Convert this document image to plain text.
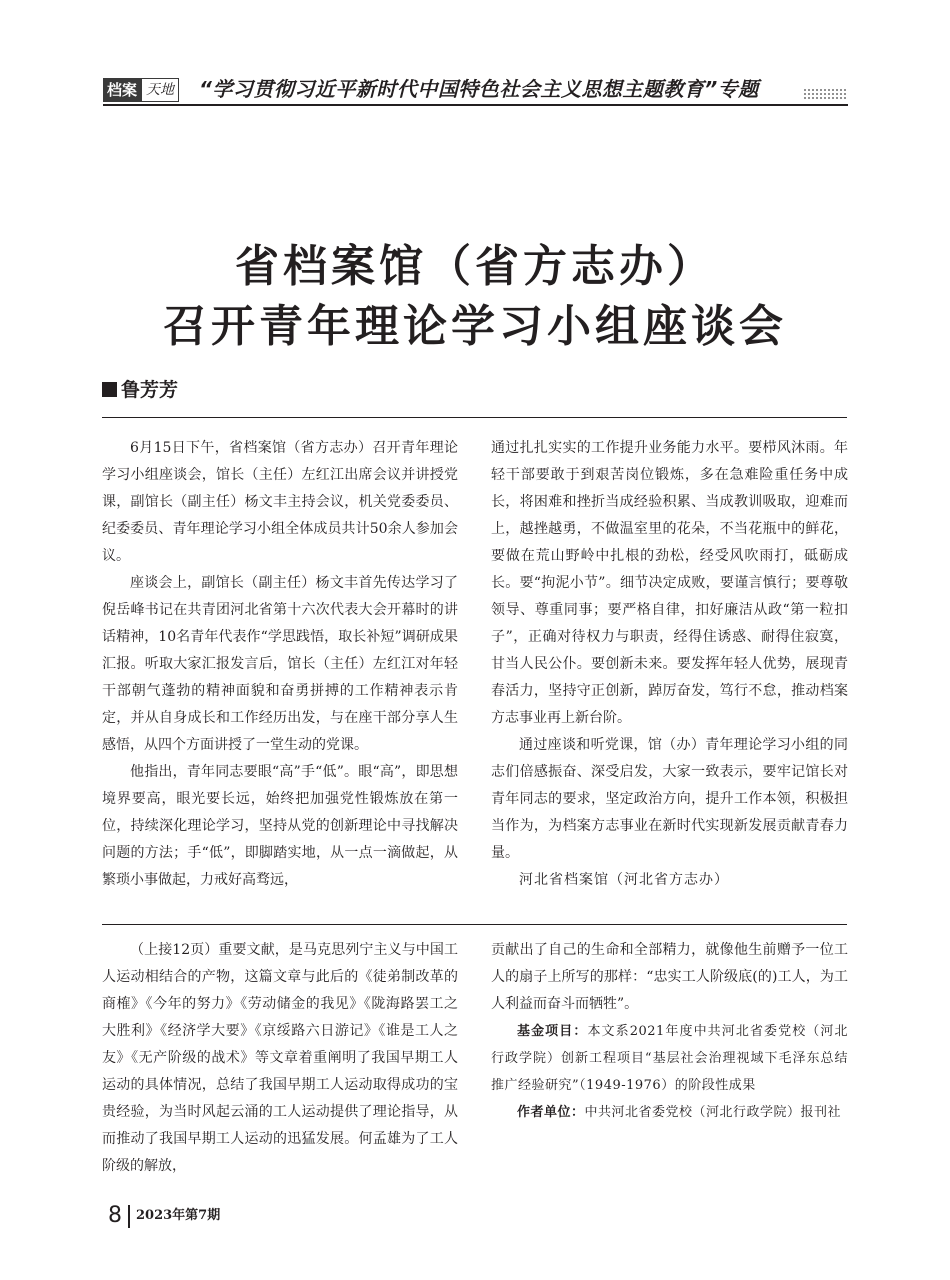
档案 天地 “学习贯彻习近平新时代中国特色社会主义思想主题教育”专题
省档案馆（省方志办）
召开青年理论学习小组座谈会
鲁芳芳

6月15日下午，省档案馆（省方志办）召开青年理论学习小组座谈会，馆长（主任）左红江出席会议并讲授党课，副馆长（副主任）杨文丰主持会议，机关党委委员、纪委委员、青年理论学习小组全体成员共计50余人参加会议。

座谈会上，副馆长（副主任）杨文丰首先传达学习了倪岳峰书记在共青团河北省第十六次代表大会开幕时的讲话精神，10名青年代表作“学思践悟，取长补短”调研成果汇报。听取大家汇报发言后，馆长（主任）左红江对年轻干部朝气蓬勃的精神面貌和奋勇拼搏的工作精神表示肯定，并从自身成长和工作经历出发，与在座干部分享人生感悟，从四个方面讲授了一堂生动的党课。

他指出，青年同志要眼“高”手“低”。眼“高”，即思想境界要高，眼光要长远，始终把加强党性锻炼放在第一位，持续深化理论学习，坚持从党的创新理论中寻找解决问题的方法；手“低”，即脚踏实地，从一点一滴做起，从繁琐小事做起，力戒好高骛远，

通过扎扎实实的工作提升业务能力水平。要栉风沐雨。年轻干部要敢于到艰苦岗位锻炼，多在急难险重任务中成长，将困难和挫折当成经验积累、当成教训吸取，迎难而上，越挫越勇，不做温室里的花朵，不当花瓶中的鲜花，要做在荒山野岭中扎根的劲松，经受风吹雨打，砥砺成长。要“拘泥小节”。细节决定成败，要谨言慎行；要尊敬领导、尊重同事；要严格自律，扣好廉洁从政“第一粒扣子”，正确对待权力与职责，经得住诱惑、耐得住寂寞，甘当人民公仆。要创新未来。要发挥年轻人优势，展现青春活力，坚持守正创新，踔厉奋发，笃行不怠，推动档案方志事业再上新台阶。

通过座谈和听党课，馆（办）青年理论学习小组的同志们倍感振奋、深受启发，大家一致表示，要牢记馆长对青年同志的要求，坚定政治方向，提升工作本领，积极担当作为，为档案方志事业在新时代实现新发展贡献青春力量。

河北省档案馆（河北省方志办）

（上接12页）重要文献，是马克思列宁主义与中国工人运动相结合的产物，这篇文章与此后的《徒弟制改革的商榷》《今年的努力》《劳动储金的我见》《陇海路罢工之大胜利》《经济学大要》《京绥路六日游记》《谁是工人之友》《无产阶级的战术》等文章着重阐明了我国早期工人运动的具体情况，总结了我国早期工人运动取得成功的宝贵经验，为当时风起云涌的工人运动提供了理论指导，从而推动了我国早期工人运动的迅猛发展。何孟雄为了工人阶级的解放，

贡献出了自己的生命和全部精力，就像他生前赠予一位工人的扇子上所写的那样：“忠实工人阶级底(的)工人，为工人利益而奋斗而牺牲”。

基金项目：本文系2021年度中共河北省委党校（河北行政学院）创新工程项目“基层社会治理视域下毛泽东总结推广经验研究”（1949-1976）的阶段性成果

作者单位：中共河北省委党校（河北行政学院）报刊社

8 2023年第7期
